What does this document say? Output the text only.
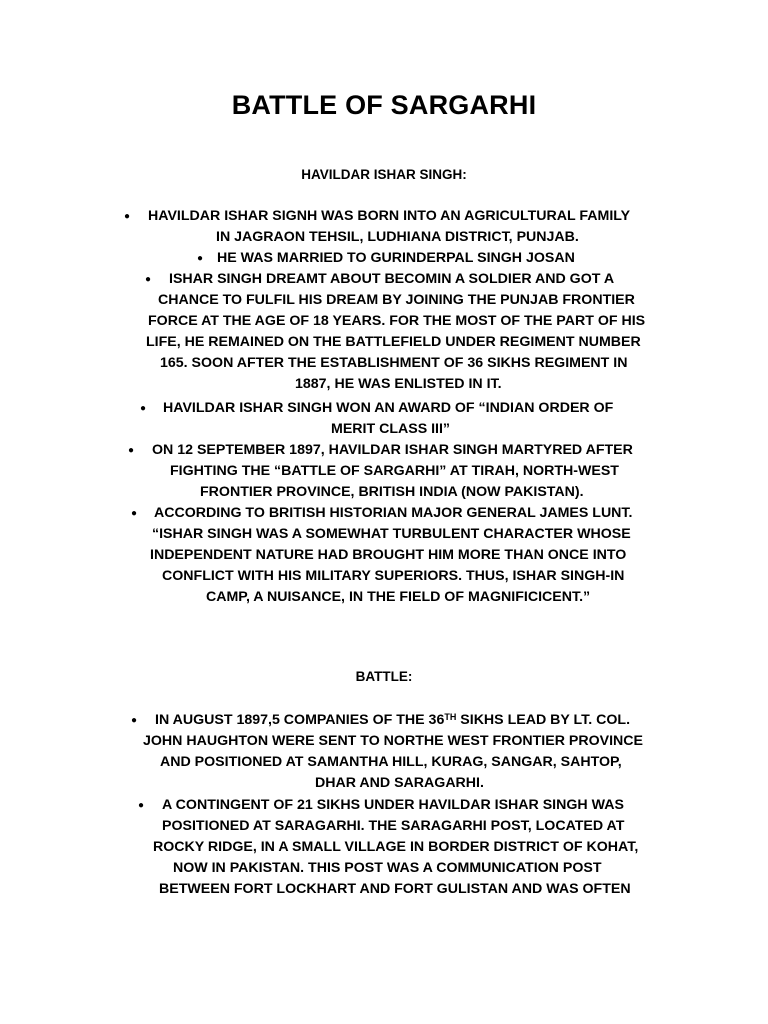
BATTLE OF SARGARHI
HAVILDAR ISHAR SINGH:
● HAVILDAR ISHAR SIGNH WAS BORN INTO AN AGRICULTURAL FAMILY
IN JAGRAON TEHSIL, LUDHIANA DISTRICT, PUNJAB.
● HE WAS MARRIED TO GURINDERPAL SINGH JOSAN
● ISHAR SINGH DREAMT ABOUT BECOMIN A SOLDIER AND GOT A
CHANCE TO FULFIL HIS DREAM BY JOINING THE PUNJAB FRONTIER
FORCE AT THE AGE OF 18 YEARS. FOR THE MOST OF THE PART OF HIS
LIFE, HE REMAINED ON THE BATTLEFIELD UNDER REGIMENT NUMBER
165. SOON AFTER THE ESTABLISHMENT OF 36 SIKHS REGIMENT IN
1887, HE WAS ENLISTED IN IT.
● HAVILDAR ISHAR SINGH WON AN AWARD OF “INDIAN ORDER OF
MERIT CLASS III”
● ON 12 SEPTEMBER 1897, HAVILDAR ISHAR SINGH MARTYRED AFTER
FIGHTING THE “BATTLE OF SARGARHI” AT TIRAH, NORTH-WEST
FRONTIER PROVINCE, BRITISH INDIA (NOW PAKISTAN).
● ACCORDING TO BRITISH HISTORIAN MAJOR GENERAL JAMES LUNT.
“ISHAR SINGH WAS A SOMEWHAT TURBULENT CHARACTER WHOSE
INDEPENDENT NATURE HAD BROUGHT HIM MORE THAN ONCE INTO
CONFLICT WITH HIS MILITARY SUPERIORS. THUS, ISHAR SINGH-IN
CAMP, A NUISANCE, IN THE FIELD OF MAGNIFICICENT.”
BATTLE:
● IN AUGUST 1897,5 COMPANIES OF THE 36TH SIKHS LEAD BY LT. COL.
JOHN HAUGHTON WERE SENT TO NORTHE WEST FRONTIER PROVINCE
AND POSITIONED AT SAMANTHA HILL, KURAG, SANGAR, SAHTOP,
DHAR AND SARAGARHI.
● A CONTINGENT OF 21 SIKHS UNDER HAVILDAR ISHAR SINGH WAS
POSITIONED AT SARAGARHI. THE SARAGARHI POST, LOCATED AT
ROCKY RIDGE, IN A SMALL VILLAGE IN BORDER DISTRICT OF KOHAT,
NOW IN PAKISTAN. THIS POST WAS A COMMUNICATION POST
BETWEEN FORT LOCKHART AND FORT GULISTAN AND WAS OFTEN
